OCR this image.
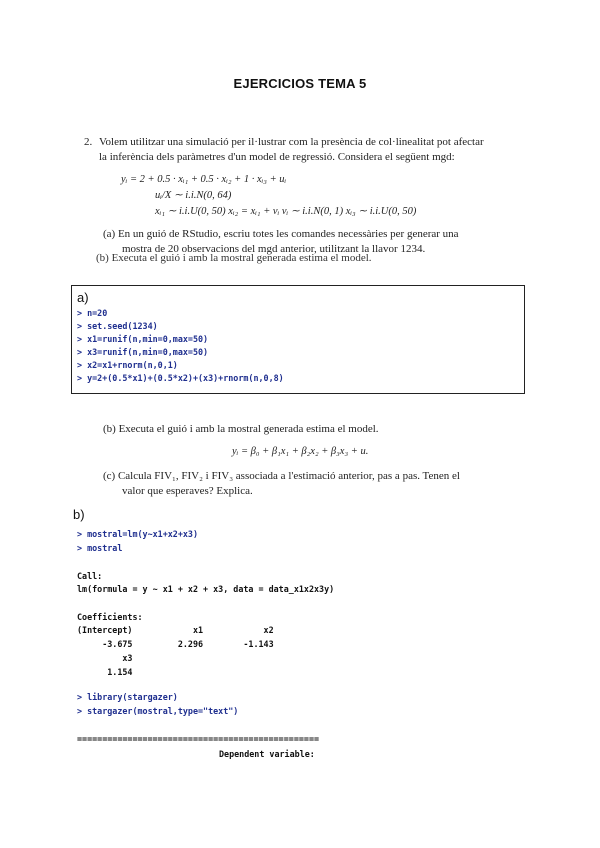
EJERCICIOS TEMA 5
2. Volem utilitzar una simulació per il·lustrar com la presència de col·linealitat pot afectar
la inferència dels paràmetres d'un model de regressió. Considera el següent mgd:
yᵢ = 2 + 0.5 · xᵢ₁ + 0.5 · xᵢ₂ + 1 · xᵢ₃ + uᵢ
uᵢ/X ∼ i.i.N(0, 64)
xᵢ₁ ∼ i.i.U(0, 50) xᵢ₂ = xᵢ₁ + vᵢ vᵢ ∼ i.i.N(0, 1) xᵢ₃ ∼ i.i.U(0, 50)
(a) En un guió de RStudio, escriu totes les comandes necessàries per generar una
mostra de 20 observacions del mgd anterior, utilitzant la llavor 1234.
(b) Executa el guió i amb la mostral generada estima el model.
a)
> n=20
> set.seed(1234)
> x1=runif(n,min=0,max=50)
> x3=runif(n,min=0,max=50)
> x2=x1+rnorm(n,0,1)
> y=2+(0.5*x1)+(0.5*x2)+(x3)+rnorm(n,0,8)
(b) Executa el guió i amb la mostral generada estima el model.
yᵢ = β₀ + β₁x₁ + β₂x₂ + β₃x₃ + u.
(c) Calcula FIV₁, FIV₂ i FIV₃ associada a l'estimació anterior, pas a pas. Tenen el
valor que esperaves? Explica.
b)
> mostral=lm(y~x1+x2+x3)
> mostral
Call:
lm(formula = y ~ x1 + x2 + x3, data = data_x1x2x3y)
Coefficients:
(Intercept)            x1            x2
-3.675         2.296        -1.143
x3
1.154
> library(stargazer)
> stargazer(mostral,type="text")
================================================
Dependent variable:
